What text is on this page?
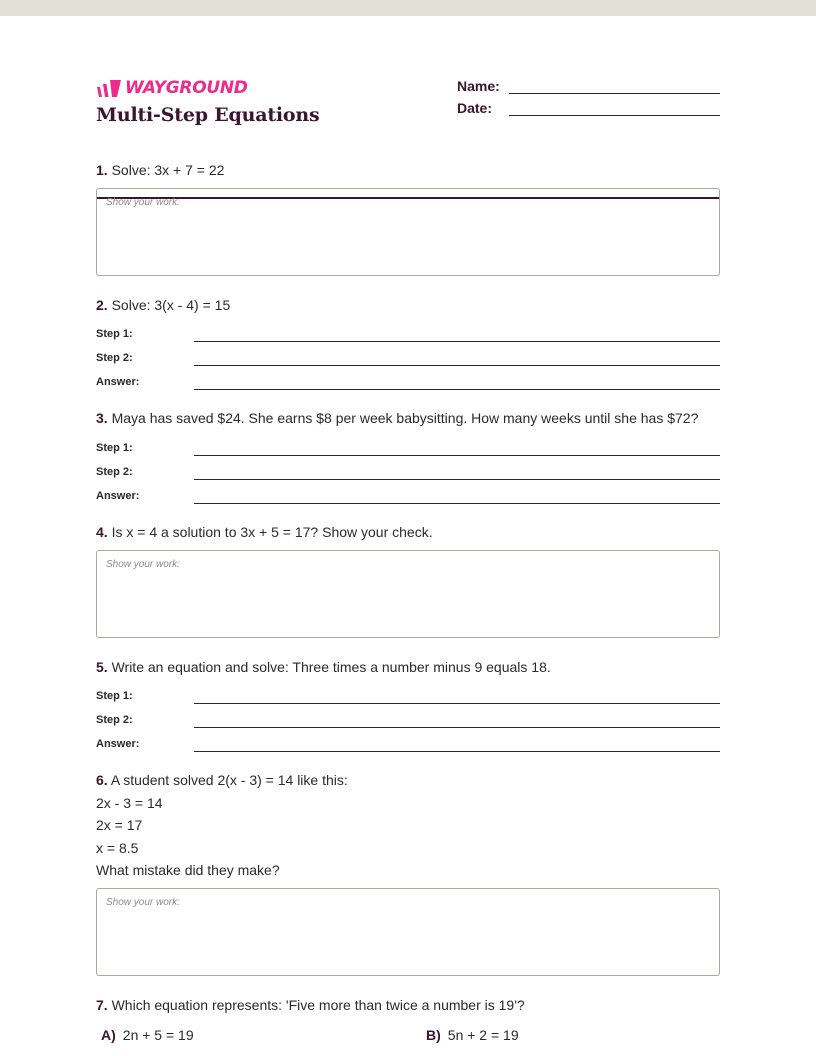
WAYGROUND
Multi-Step Equations
Name:
Date:
1. Solve: 3x + 7 = 22
Show your work:
2. Solve: 3(x - 4) = 15
Step 1:
Step 2:
Answer:
3. Maya has saved $24. She earns $8 per week babysitting. How many weeks until she has $72?
Step 1:
Step 2:
Answer:
4. Is x = 4 a solution to 3x + 5 = 17? Show your check.
Show your work:
5. Write an equation and solve: Three times a number minus 9 equals 18.
Step 1:
Step 2:
Answer:
6. A student solved 2(x - 3) = 14 like this:
2x - 3 = 14
2x = 17
x = 8.5
What mistake did they make?
Show your work:
7. Which equation represents: 'Five more than twice a number is 19'?
A) 2n + 5 = 19	B) 5n + 2 = 19
